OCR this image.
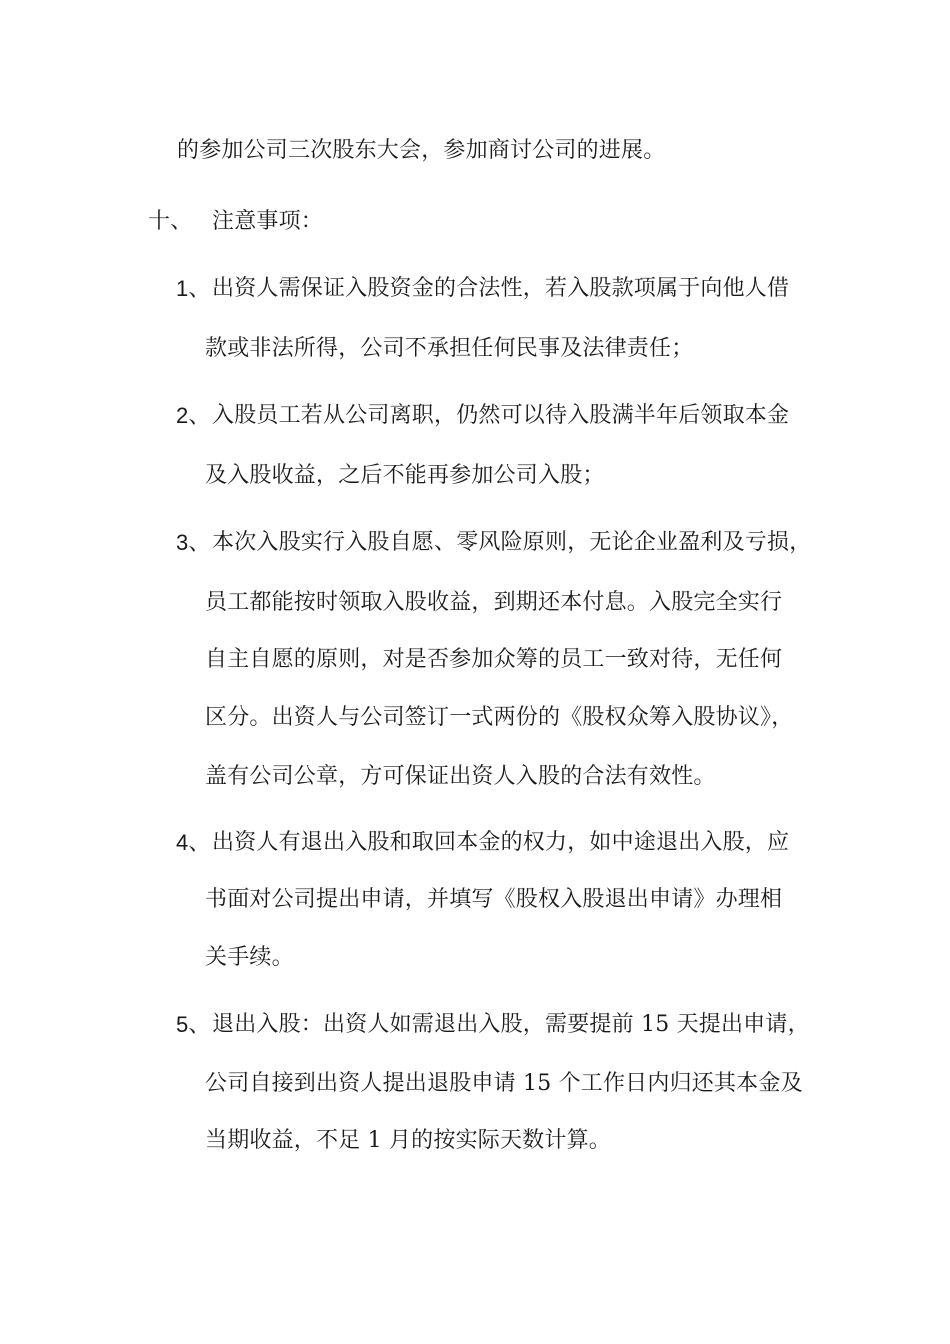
的参加公司三次股东大会，参加商讨公司的进展。
十、 注意事项：
1、 出资人需保证入股资金的合法性，若入股款项属于向他人借
款或非法所得，公司不承担任何民事及法律责任；
2、 入股员工若从公司离职，仍然可以待入股满半年后领取本金
及入股收益，之后不能再参加公司入股；
3、 本次入股实行入股自愿、零风险原则，无论企业盈利及亏损，
员工都能按时领取入股收益，到期还本付息。入股完全实行
自主自愿的原则，对是否参加众筹的员工一致对待，无任何
区分。出资人与公司签订一式两份的《股权众筹入股协议》，
盖有公司公章，方可保证出资人入股的合法有效性。
4、 出资人有退出入股和取回本金的权力，如中途退出入股，应
书面对公司提出申请，并填写《股权入股退出申请》办理相
关手续。
5、 退出入股：出资人如需退出入股，需要提前 15 天提出申请，
公司自接到出资人提出退股申请 15 个工作日内归还其本金及
当期收益，不足 1 月的按实际天数计算。
